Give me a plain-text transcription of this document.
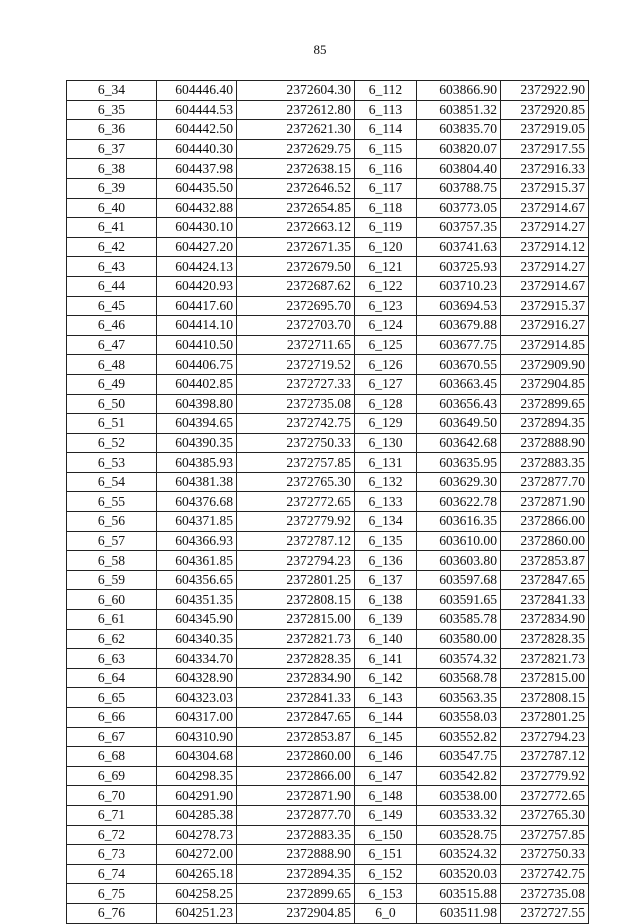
85
6_34	604446.40	2372604.30	6_112	603866.90	2372922.90
6_35	604444.53	2372612.80	6_113	603851.32	2372920.85
6_36	604442.50	2372621.30	6_114	603835.70	2372919.05
6_37	604440.30	2372629.75	6_115	603820.07	2372917.55
6_38	604437.98	2372638.15	6_116	603804.40	2372916.33
6_39	604435.50	2372646.52	6_117	603788.75	2372915.37
6_40	604432.88	2372654.85	6_118	603773.05	2372914.67
6_41	604430.10	2372663.12	6_119	603757.35	2372914.27
6_42	604427.20	2372671.35	6_120	603741.63	2372914.12
6_43	604424.13	2372679.50	6_121	603725.93	2372914.27
6_44	604420.93	2372687.62	6_122	603710.23	2372914.67
6_45	604417.60	2372695.70	6_123	603694.53	2372915.37
6_46	604414.10	2372703.70	6_124	603679.88	2372916.27
6_47	604410.50	2372711.65	6_125	603677.75	2372914.85
6_48	604406.75	2372719.52	6_126	603670.55	2372909.90
6_49	604402.85	2372727.33	6_127	603663.45	2372904.85
6_50	604398.80	2372735.08	6_128	603656.43	2372899.65
6_51	604394.65	2372742.75	6_129	603649.50	2372894.35
6_52	604390.35	2372750.33	6_130	603642.68	2372888.90
6_53	604385.93	2372757.85	6_131	603635.95	2372883.35
6_54	604381.38	2372765.30	6_132	603629.30	2372877.70
6_55	604376.68	2372772.65	6_133	603622.78	2372871.90
6_56	604371.85	2372779.92	6_134	603616.35	2372866.00
6_57	604366.93	2372787.12	6_135	603610.00	2372860.00
6_58	604361.85	2372794.23	6_136	603603.80	2372853.87
6_59	604356.65	2372801.25	6_137	603597.68	2372847.65
6_60	604351.35	2372808.15	6_138	603591.65	2372841.33
6_61	604345.90	2372815.00	6_139	603585.78	2372834.90
6_62	604340.35	2372821.73	6_140	603580.00	2372828.35
6_63	604334.70	2372828.35	6_141	603574.32	2372821.73
6_64	604328.90	2372834.90	6_142	603568.78	2372815.00
6_65	604323.03	2372841.33	6_143	603563.35	2372808.15
6_66	604317.00	2372847.65	6_144	603558.03	2372801.25
6_67	604310.90	2372853.87	6_145	603552.82	2372794.23
6_68	604304.68	2372860.00	6_146	603547.75	2372787.12
6_69	604298.35	2372866.00	6_147	603542.82	2372779.92
6_70	604291.90	2372871.90	6_148	603538.00	2372772.65
6_71	604285.38	2372877.70	6_149	603533.32	2372765.30
6_72	604278.73	2372883.35	6_150	603528.75	2372757.85
6_73	604272.00	2372888.90	6_151	603524.32	2372750.33
6_74	604265.18	2372894.35	6_152	603520.03	2372742.75
6_75	604258.25	2372899.65	6_153	603515.88	2372735.08
6_76	604251.23	2372904.85	6_0	603511.98	2372727.55
